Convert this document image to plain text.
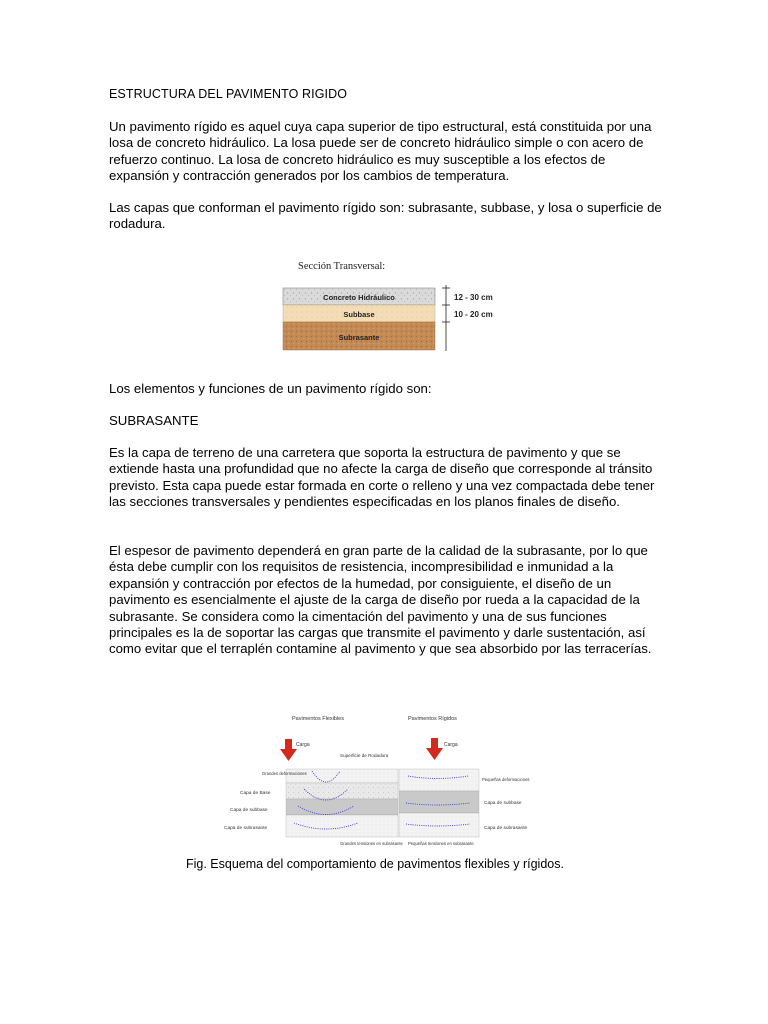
ESTRUCTURA DEL PAVIMENTO RIGIDO

Un pavimento rígido es aquel cuya capa superior de tipo estructural, está constituida por una losa de concreto hidráulico. La losa puede ser de concreto hidráulico simple o con acero de refuerzo continuo. La losa de concreto hidráulico es muy susceptible a los efectos de expansión y contracción generados por los cambios de temperatura.

Las capas que conforman el pavimento rígido son: subrasante, subbase, y losa o superficie de rodadura.

Sección Transversal:
Concreto Hidráulico
Subbase
Subrasante
12 - 30 cm
10 - 20 cm

Los elementos y funciones de un pavimento rígido son:

SUBRASANTE

Es la capa de terreno de una carretera que soporta la estructura de pavimento y que se extiende hasta una profundidad que no afecte la carga de diseño que corresponde al tránsito previsto. Esta capa puede estar formada en corte o relleno y una vez compactada debe tener las secciones transversales y pendientes especificadas en los planos finales de diseño.

El espesor de pavimento dependerá en gran parte de la calidad de la subrasante, por lo que ésta debe cumplir con los requisitos de resistencia, incompresibilidad e inmunidad a la expansión y contracción por efectos de la humedad, por consiguiente, el diseño de un pavimento es esencialmente el ajuste de la carga de diseño por rueda a la capacidad de la subrasante. Se considera como la cimentación del pavimento y una de sus funciones principales es la de soportar las cargas que transmite el pavimento y darle sustentación, así como evitar que el terraplén contamine al pavimento y que sea absorbido por las terracerías.

Pavimentos Flexibles	Pavimentos Rígidos
Carga
Superficie de Rodadura
Grandes deformaciones
Capa de Base
Capa de subbase
Capa de subrasante
Grandes tensiones en subrasante
Carga
Pequeñas deformaciones
Capa de subbase
Capa de subrasante
Pequeñas tensiones en subrasante

Fig. Esquema del comportamiento de pavimentos flexibles y rígidos.
